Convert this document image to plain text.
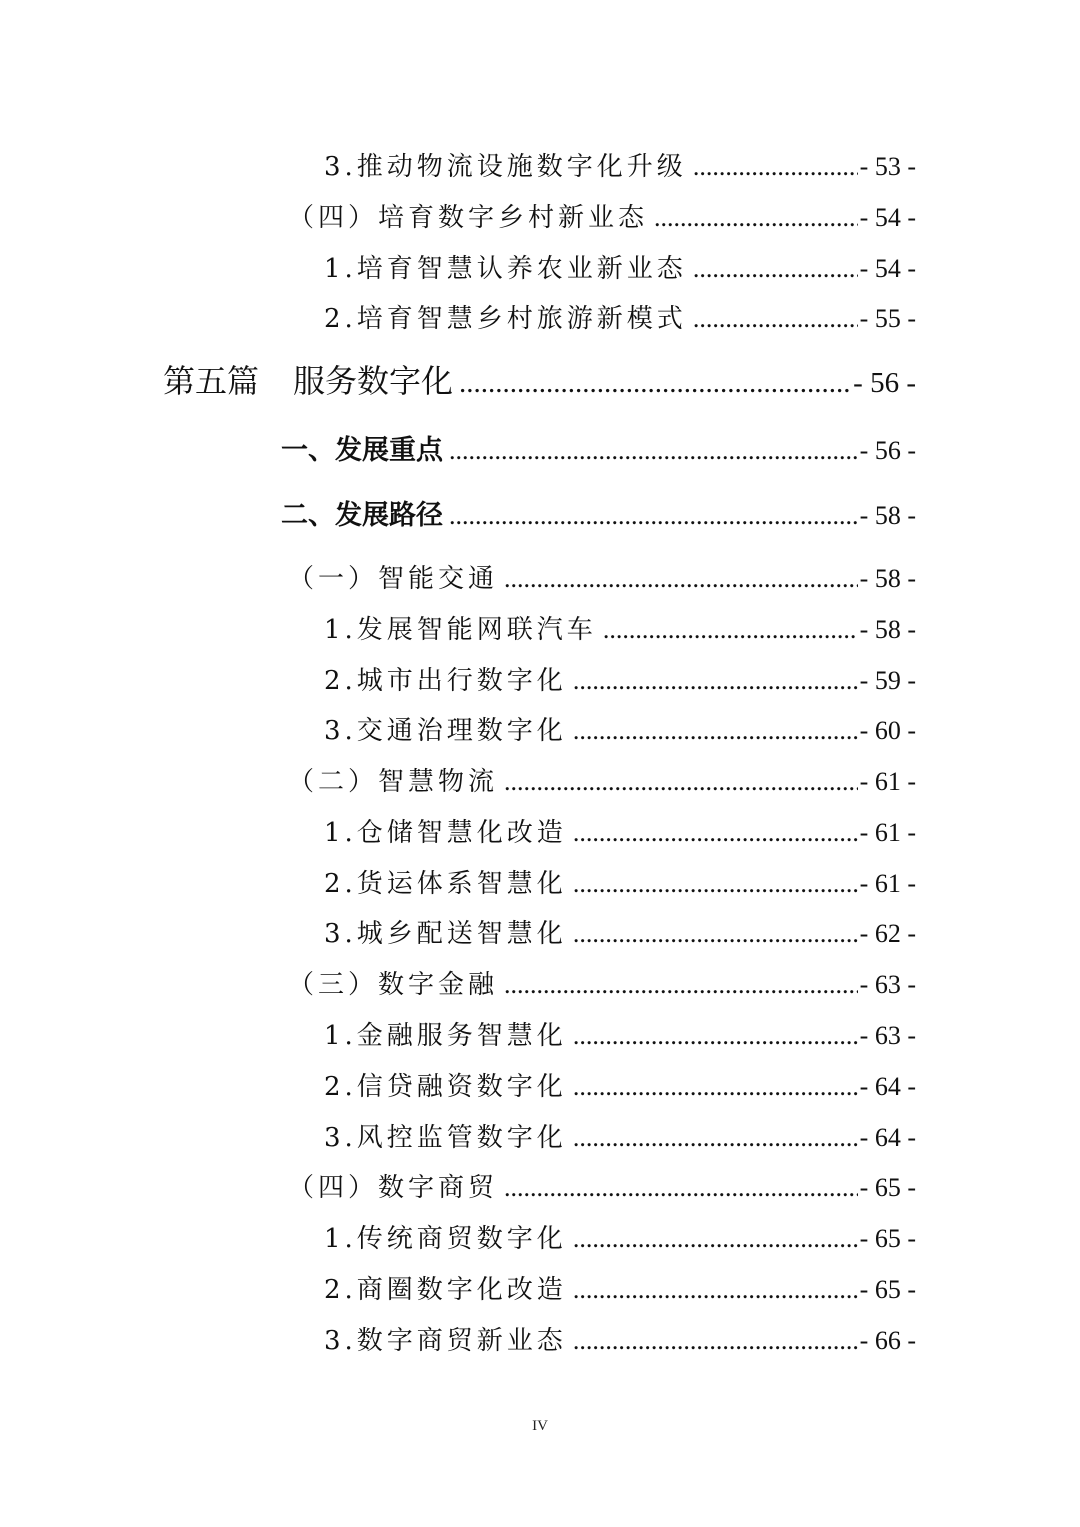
3.推动物流设施数字化升级 .....	- 53 -
（四）培育数字乡村新业态 .....	- 54 -
1.培育智慧认养农业新业态 .....	- 54 -
2.培育智慧乡村旅游新模式 .....	- 55 -
第五篇 服务数字化 .....	- 56 -
一、发展重点 .....	- 56 -
二、发展路径 .....	- 58 -
（一）智能交通 .....	- 58 -
1.发展智能网联汽车 .....	- 58 -
2.城市出行数字化 .....	- 59 -
3.交通治理数字化 .....	- 60 -
（二）智慧物流 .....	- 61 -
1.仓储智慧化改造 .....	- 61 -
2.货运体系智慧化 .....	- 61 -
3.城乡配送智慧化 .....	- 62 -
（三）数字金融 .....	- 63 -
1.金融服务智慧化 .....	- 63 -
2.信贷融资数字化 .....	- 64 -
3.风控监管数字化 .....	- 64 -
（四）数字商贸 .....	- 65 -
1.传统商贸数字化 .....	- 65 -
2.商圈数字化改造 .....	- 65 -
3.数字商贸新业态 .....	- 66 -
IV
